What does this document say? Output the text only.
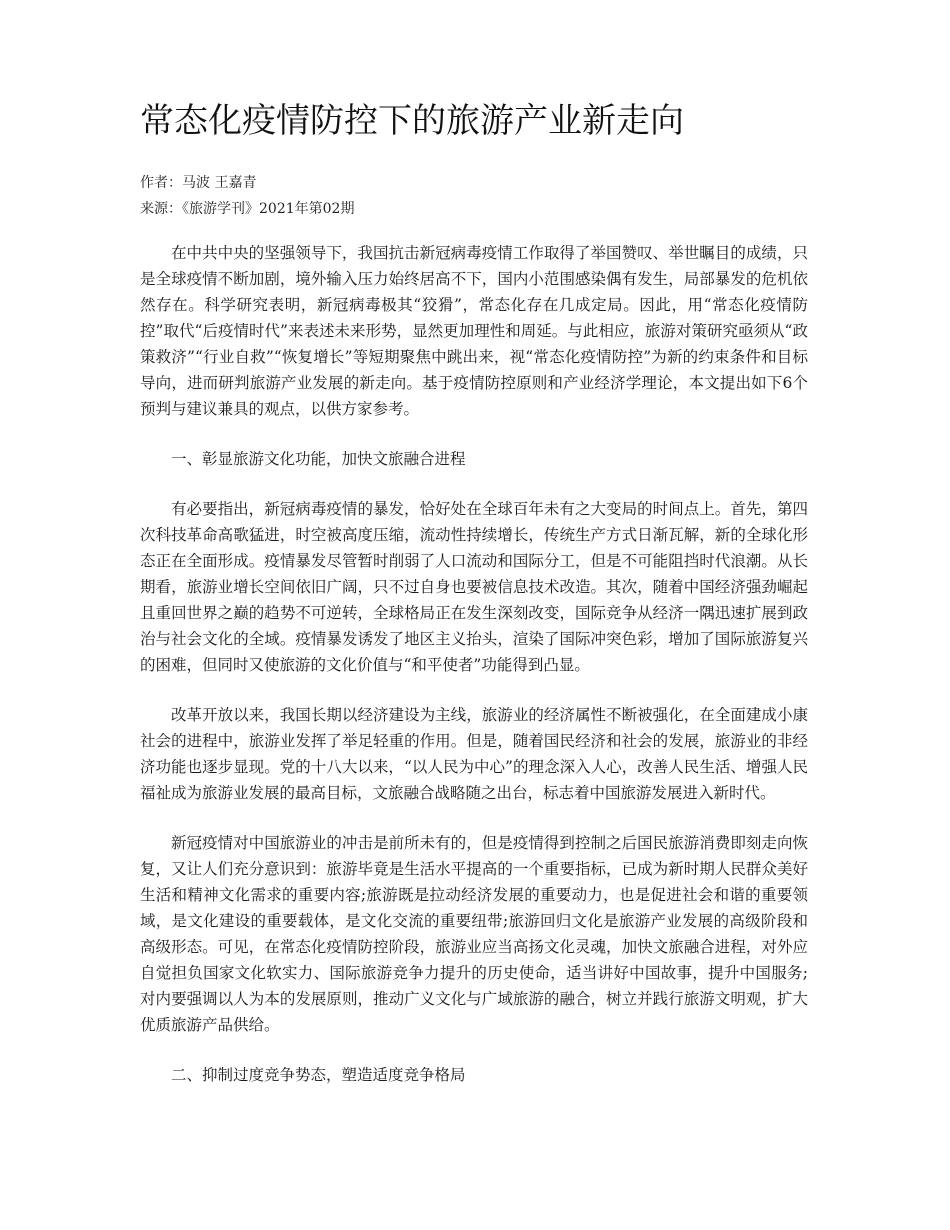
常态化疫情防控下的旅游产业新走向
作者：马波 王嘉青
来源：《旅游学刊》2021年第02期

在中共中央的坚强领导下，我国抗击新冠病毒疫情工作取得了举国赞叹、举世瞩目的成绩，只是全球疫情不断加剧，境外输入压力始终居高不下，国内小范围感染偶有发生，局部暴发的危机依然存在。科学研究表明，新冠病毒极其“狡猾”，常态化存在几成定局。因此，用“常态化疫情防控”取代“后疫情时代”来表述未来形势，显然更加理性和周延。与此相应，旅游对策研究亟须从“政策救济”“行业自救”“恢复增长”等短期聚焦中跳出来，视“常态化疫情防控”为新的约束条件和目标导向，进而研判旅游产业发展的新走向。基于疫情防控原则和产业经济学理论，本文提出如下6个预判与建议兼具的观点，以供方家参考。

一、彰显旅游文化功能，加快文旅融合进程

有必要指出，新冠病毒疫情的暴发，恰好处在全球百年未有之大变局的时间点上。首先，第四次科技革命高歌猛进，时空被高度压缩，流动性持续增长，传统生产方式日渐瓦解，新的全球化形态正在全面形成。疫情暴发尽管暂时削弱了人口流动和国际分工，但是不可能阻挡时代浪潮。从长期看，旅游业增长空间依旧广阔，只不过自身也要被信息技术改造。其次，随着中国经济强劲崛起且重回世界之巅的趋势不可逆转，全球格局正在发生深刻改变，国际竞争从经济一隅迅速扩展到政治与社会文化的全域。疫情暴发诱发了地区主义抬头，渲染了国际冲突色彩，增加了国际旅游复兴的困难，但同时又使旅游的文化价值与“和平使者”功能得到凸显。

改革开放以来，我国长期以经济建设为主线，旅游业的经济属性不断被强化，在全面建成小康社会的进程中，旅游业发挥了举足轻重的作用。但是，随着国民经济和社会的发展，旅游业的非经济功能也逐步显现。党的十八大以来，“以人民为中心”的理念深入人心，改善人民生活、增强人民福祉成为旅游业发展的最高目标，文旅融合战略随之出台，标志着中国旅游发展进入新时代。

新冠疫情对中国旅游业的冲击是前所未有的，但是疫情得到控制之后国民旅游消费即刻走向恢复，又让人们充分意识到：旅游毕竟是生活水平提高的一个重要指标，已成为新时期人民群众美好生活和精神文化需求的重要内容;旅游既是拉动经济发展的重要动力，也是促进社会和谐的重要领域，是文化建设的重要载体，是文化交流的重要纽带;旅游回归文化是旅游产业发展的高级阶段和高级形态。可见，在常态化疫情防控阶段，旅游业应当高扬文化灵魂，加快文旅融合进程，对外应自觉担负国家文化软实力、国际旅游竞争力提升的历史使命，适当讲好中国故事，提升中国服务;对内要强调以人为本的发展原则，推动广义文化与广域旅游的融合，树立并践行旅游文明观，扩大优质旅游产品供给。

二、抑制过度竞争势态，塑造适度竞争格局
